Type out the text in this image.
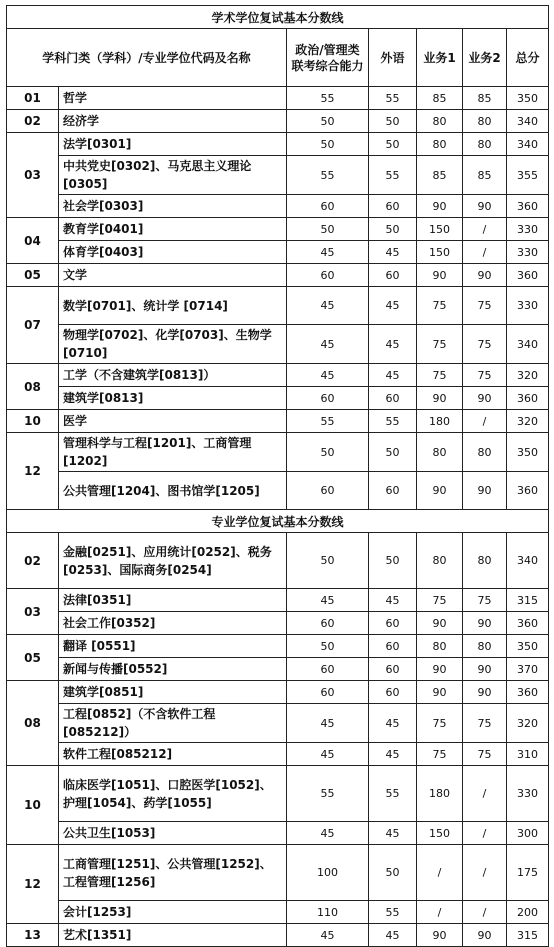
学术学位复试基本分数线						
学科门类（学科）/专业学位代码及名称		政治/管理类联考综合能力	外语	业务1	业务2	总分
01	哲学	55	55	85	85	350
02	经济学	50	50	80	80	340
03	法学[0301]	50	50	80	80	340
	中共党史[0302]、马克思主义理论[0305]	55	55	85	85	355
	社会学[0303]	60	60	90	90	360
04	教育学[0401]	50	50	150	/	330
	体育学[0403]	45	45	150	/	330
05	文学	60	60	90	90	360
07	数学[0701]、统计学 [0714]	45	45	75	75	330
	物理学[0702]、化学[0703]、生物学[0710]	45	45	75	75	340
08	工学（不含建筑学[0813]）	45	45	75	75	320
	建筑学[0813]	60	60	90	90	360
10	医学	55	55	180	/	320
12	管理科学与工程[1201]、工商管理[1202]	50	50	80	80	350
	公共管理[1204]、图书馆学[1205]	60	60	90	90	360
专业学位复试基本分数线						
02	金融[0251]、应用统计[0252]、税务[0253]、国际商务[0254]	50	50	80	80	340
03	法律[0351]	45	45	75	75	315
	社会工作[0352]	60	60	90	90	360
05	翻译 [0551]	50	60	80	80	350
	新闻与传播[0552]	60	60	90	90	370
08	建筑学[0851]	60	60	90	90	360
	工程[0852]（不含软件工程[085212]）	45	45	75	75	320
	软件工程[085212]	45	45	75	75	310
10	临床医学[1051]、口腔医学[1052]、护理[1054]、药学[1055]	55	55	180	/	330
	公共卫生[1053]	45	45	150	/	300
12	工商管理[1251]、公共管理[1252]、工程管理[1256]	100	50	/	/	175
	会计[1253]	110	55	/	/	200
13	艺术[1351]	45	45	90	90	315
